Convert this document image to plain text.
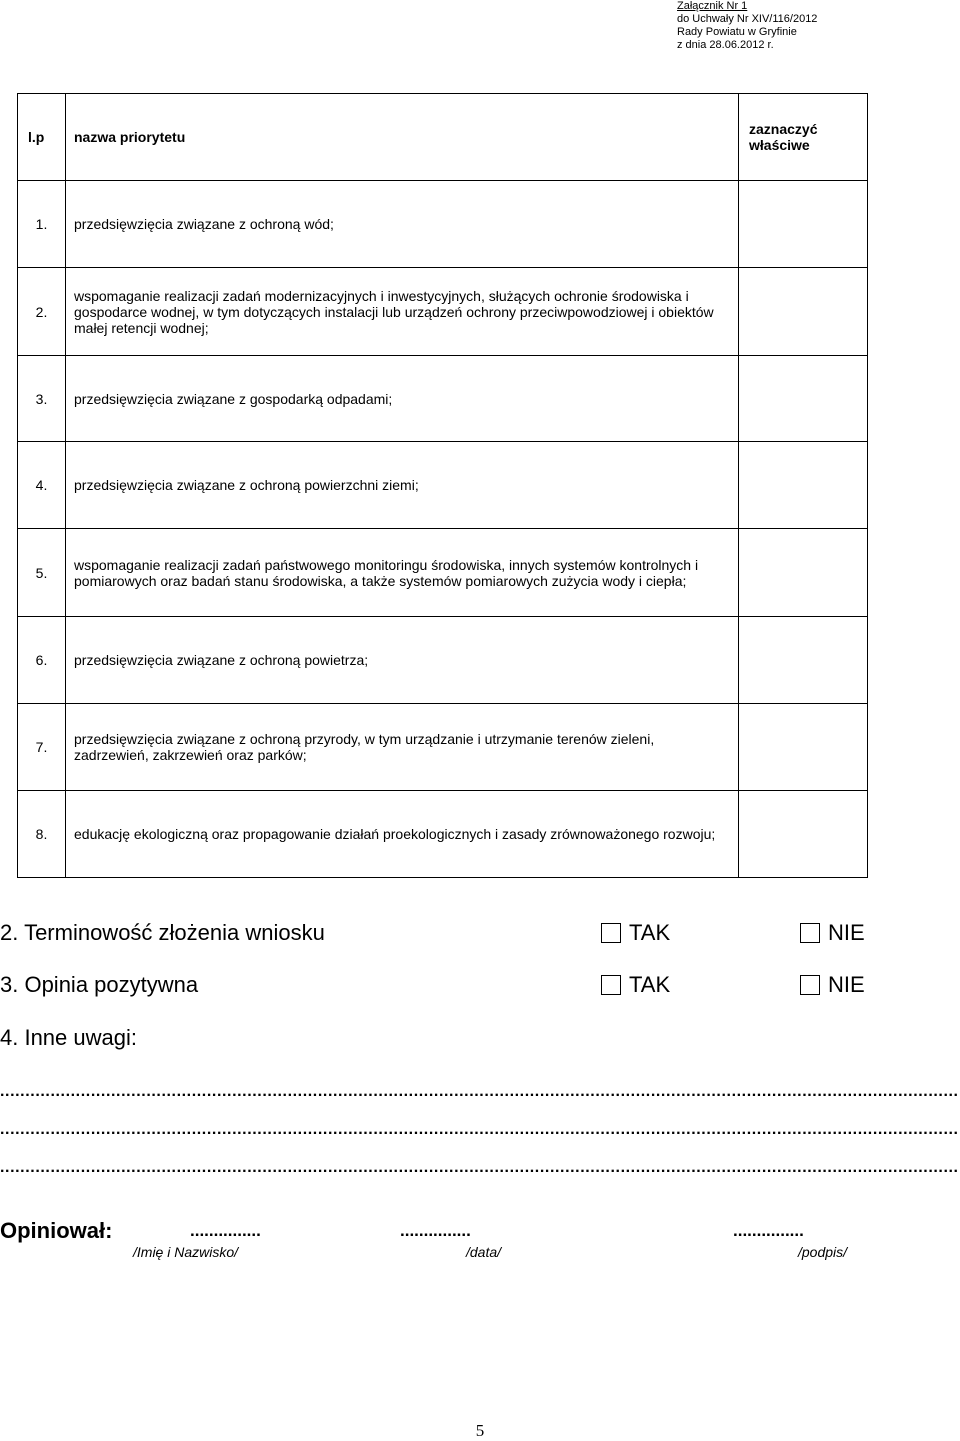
Załącznik Nr 1
do Uchwały Nr XIV/116/2012
Rady Powiatu w Gryfinie
z dnia 28.06.2012 r.
l.p	nazwa priorytetu	zaznaczyć właściwe
1.	przedsięwzięcia związane z ochroną wód;	
2.	wspomaganie realizacji zadań modernizacyjnych i inwestycyjnych, służących ochronie środowiska i gospodarce wodnej, w tym dotyczących instalacji lub urządzeń ochrony przeciwpowodziowej i obiektów małej retencji wodnej;	
3.	przedsięwzięcia związane z gospodarką odpadami;	
4.	przedsięwzięcia związane z ochroną powierzchni ziemi;	
5.	wspomaganie realizacji zadań państwowego monitoringu środowiska, innych systemów kontrolnych i pomiarowych oraz badań stanu środowiska, a także systemów pomiarowych zużycia wody i ciepła;	
6.	przedsięwzięcia związane z ochroną powietrza;	
7.	przedsięwzięcia związane z ochroną przyrody, w tym urządzanie i utrzymanie terenów zieleni, zadrzewień, zakrzewień oraz parków;	
8.	edukację ekologiczną oraz propagowanie działań proekologicznych i zasady zrównoważonego rozwoju;	
2. Terminowość złożenia wniosku	TAK	NIE
3. Opinia pozytywna	TAK	NIE
4. Inne uwagi:
..............................................................................................................................................................................................
..............................................................................................................................................................................................
..............................................................................................................................................................................................
Opiniował:	...............	...............	...............
/Imię i Nazwisko/	/data/	/podpis/
5
